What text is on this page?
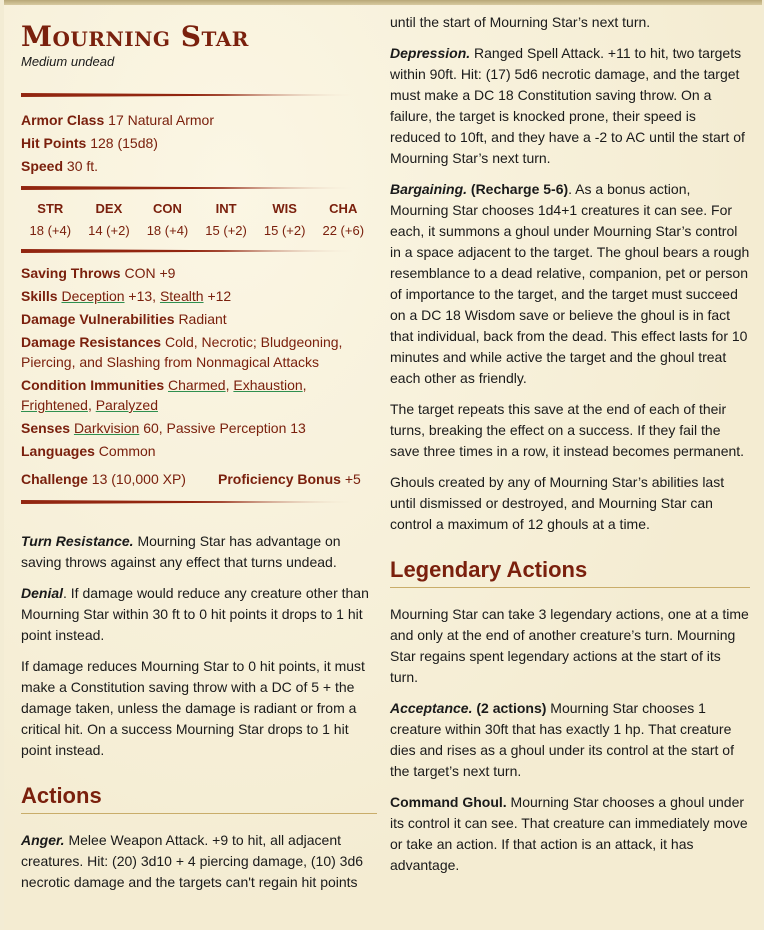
Mourning Star
Medium undead
Armor Class 17 Natural Armor
Hit Points 128 (15d8)
Speed 30 ft.
STR
18 (+4)
DEX
14 (+2)
CON
18 (+4)
INT
15 (+2)
WIS
15 (+2)
CHA
22 (+6)
Saving Throws CON +9
Skills Deception +13, Stealth +12
Damage Vulnerabilities Radiant
Damage Resistances Cold, Necrotic; Bludgeoning, Piercing, and Slashing from Nonmagical Attacks
Condition Immunities Charmed, Exhaustion, Frightened, Paralyzed
Senses Darkvision 60, Passive Perception 13
Languages Common
Challenge 13 (10,000 XP)	Proficiency Bonus +5

Turn Resistance. Mourning Star has advantage on saving throws against any effect that turns undead.

Denial. If damage would reduce any creature other than Mourning Star within 30 ft to 0 hit points it drops to 1 hit point instead.

If damage reduces Mourning Star to 0 hit points, it must make a Constitution saving throw with a DC of 5 + the damage taken, unless the damage is radiant or from a critical hit. On a success Mourning Star drops to 1 hit point instead.

Actions

Anger. Melee Weapon Attack. +9 to hit, all adjacent creatures. Hit: (20) 3d10 + 4 piercing damage, (10) 3d6 necrotic damage and the targets can't regain hit points

until the start of Mourning Star’s next turn.

Depression. Ranged Spell Attack. +11 to hit, two targets within 90ft. Hit: (17) 5d6 necrotic damage, and the target must make a DC 18 Constitution saving throw. On a failure, the target is knocked prone, their speed is reduced to 10ft, and they have a -2 to AC until the start of Mourning Star’s next turn.

Bargaining. (Recharge 5-6). As a bonus action, Mourning Star chooses 1d4+1 creatures it can see. For each, it summons a ghoul under Mourning Star’s control in a space adjacent to the target. The ghoul bears a rough resemblance to a dead relative, companion, pet or person of importance to the target, and the target must succeed on a DC 18 Wisdom save or believe the ghoul is in fact that individual, back from the dead. This effect lasts for 10 minutes and while active the target and the ghoul treat each other as friendly.

The target repeats this save at the end of each of their turns, breaking the effect on a success. If they fail the save three times in a row, it instead becomes permanent.

Ghouls created by any of Mourning Star’s abilities last until dismissed or destroyed, and Mourning Star can control a maximum of 12 ghouls at a time.

Legendary Actions

Mourning Star can take 3 legendary actions, one at a time and only at the end of another creature’s turn. Mourning Star regains spent legendary actions at the start of its turn.

Acceptance. (2 actions) Mourning Star chooses 1 creature within 30ft that has exactly 1 hp. That creature dies and rises as a ghoul under its control at the start of the target’s next turn.

Command Ghoul. Mourning Star chooses a ghoul under its control it can see. That creature can immediately move or take an action. If that action is an attack, it has advantage.
